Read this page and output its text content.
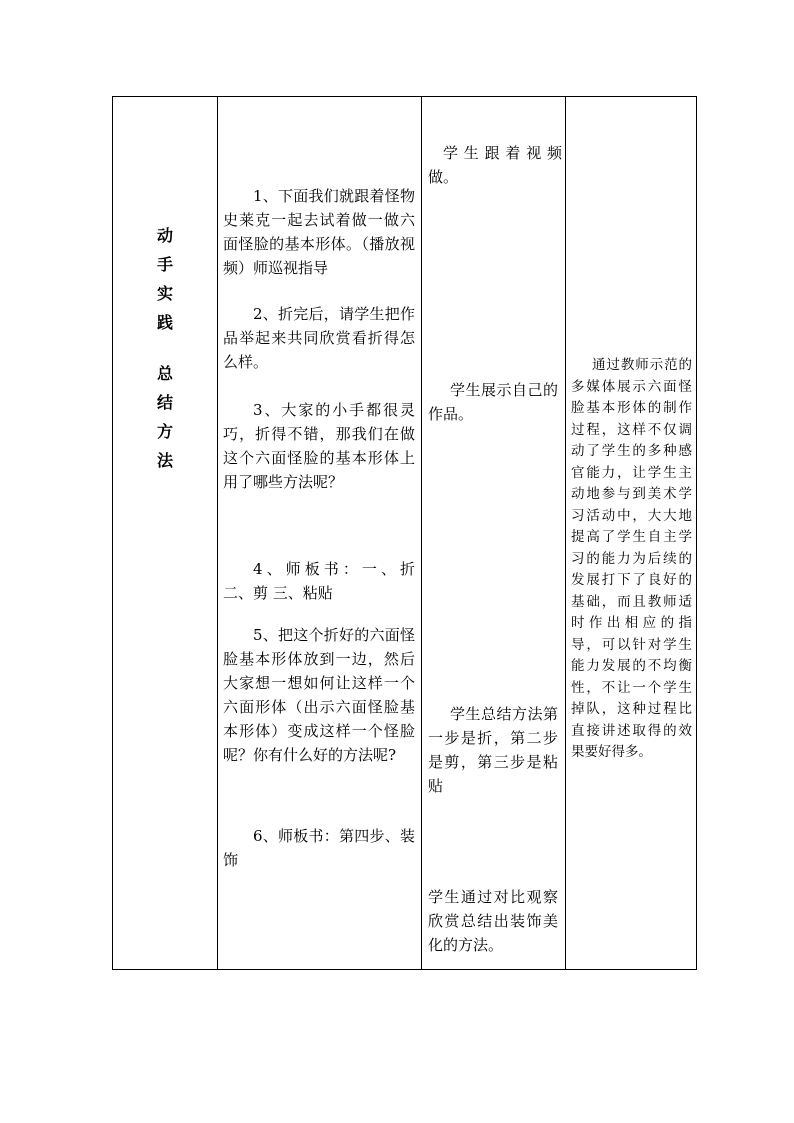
动
手
实
践
总
结
方
法

1、下面我们就跟着怪物史莱克一起去试着做一做六面怪脸的基本形体。（播放视频）师巡视指导

2、折完后，请学生把作品举起来共同欣赏看折得怎么样。

3、大家的小手都很灵巧，折得不错，那我们在做这个六面怪脸的基本形体上用了哪些方法呢？

4、师板书：一、折 二、剪 三、粘贴

5、把这个折好的六面怪脸基本形体放到一边，然后大家想一想如何让这样一个六面形体（出示六面怪脸基本形体）变成这样一个怪脸呢？你有什么好的方法呢?

6、师板书：第四步、装饰

学生跟着视频做。

学生展示自己的作品。

学生总结方法第一步是折，第二步是剪，第三步是粘贴

学生通过对比观察欣赏总结出装饰美化的方法。

通过教师示范的多媒体展示六面怪脸基本形体的制作过程，这样不仅调动了学生的多种感官能力，让学生主动地参与到美术学习活动中，大大地提高了学生自主学习的能力为后续的发展打下了良好的基础，而且教师适时作出相应的指导，可以针对学生能力发展的不均衡性，不让一个学生掉队，这种过程比直接讲述取得的效果要好得多。
